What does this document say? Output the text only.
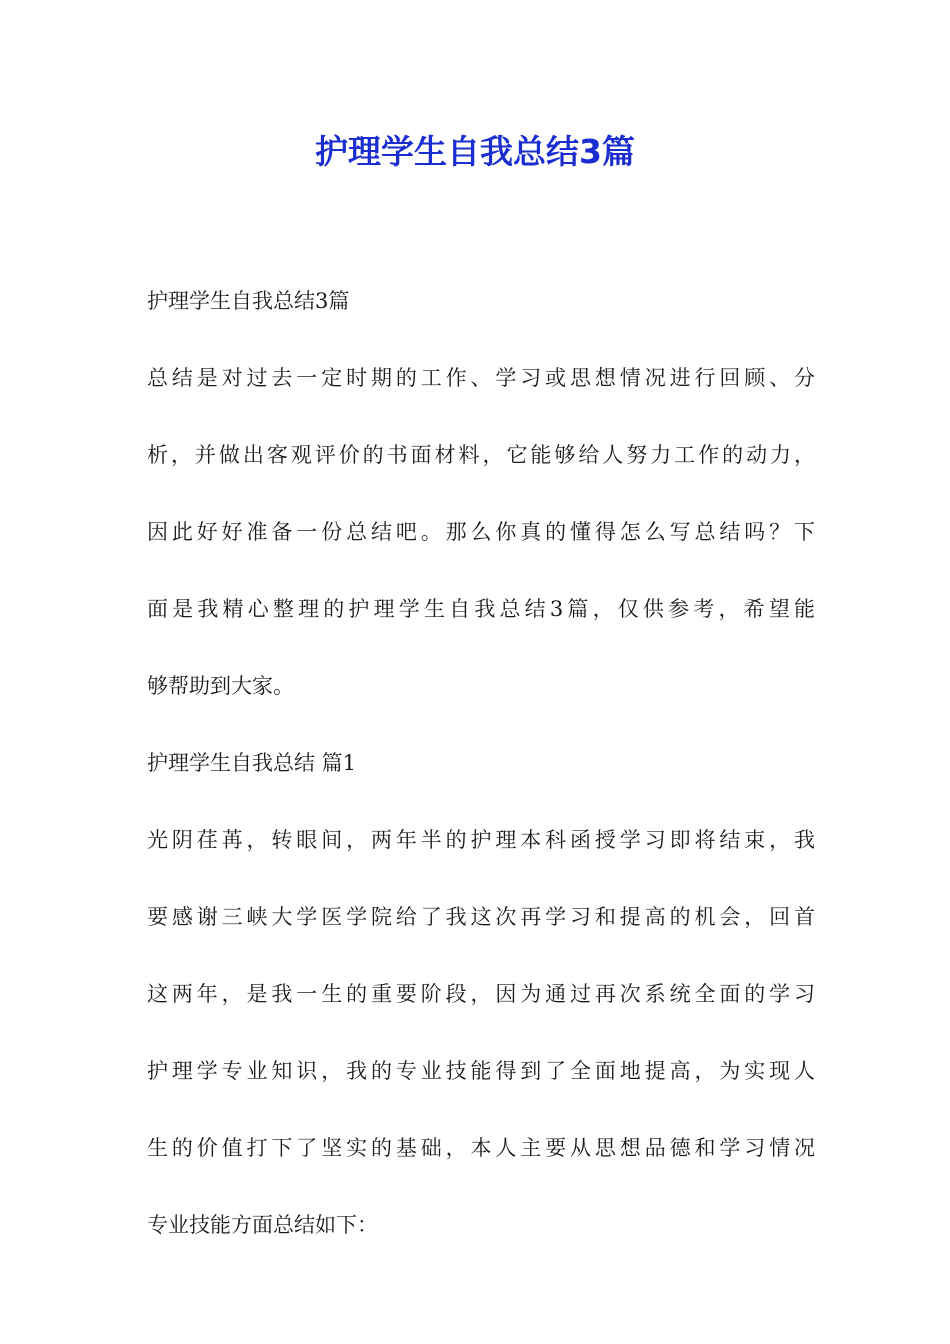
护理学生自我总结3篇

护理学生自我总结3篇

总结是对过去一定时期的工作、学习或思想情况进行回顾、分

析，并做出客观评价的书面材料，它能够给人努力工作的动力，

因此好好准备一份总结吧。那么你真的懂得怎么写总结吗？下

面是我精心整理的护理学生自我总结3篇，仅供参考，希望能

够帮助到大家。

护理学生自我总结 篇1

光阴荏苒，转眼间，两年半的护理本科函授学习即将结束，我

要感谢三峡大学医学院给了我这次再学习和提高的机会，回首

这两年，是我一生的重要阶段，因为通过再次系统全面的学习

护理学专业知识，我的专业技能得到了全面地提高，为实现人

生的价值打下了坚实的基础，本人主要从思想品德和学习情况

专业技能方面总结如下：
